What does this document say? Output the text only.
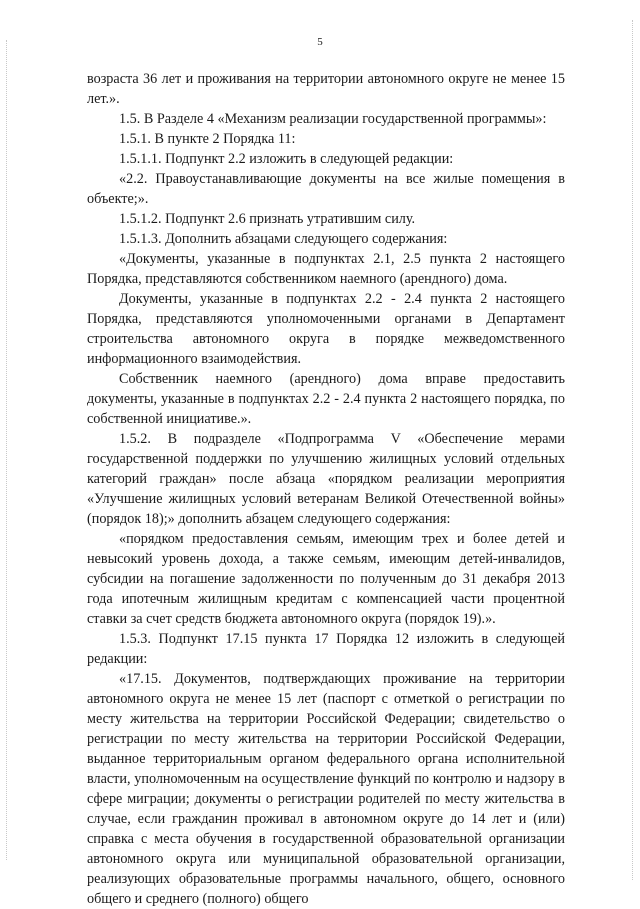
5

возраста 36 лет и проживания на территории автономного округе не менее 15 лет.».

1.5. В Разделе 4 «Механизм реализации государственной программы»:

1.5.1. В пункте 2 Порядка 11:

1.5.1.1. Подпункт 2.2 изложить в следующей редакции:

«2.2. Правоустанавливающие документы на все жилые помещения в объекте;».

1.5.1.2. Подпункт 2.6 признать утратившим силу.

1.5.1.3. Дополнить абзацами следующего содержания:

«Документы, указанные в подпунктах 2.1, 2.5 пункта 2 настоящего Порядка, представляются собственником наемного (арендного) дома.

Документы, указанные в подпунктах 2.2 - 2.4 пункта 2 настоящего Порядка, представляются уполномоченными органами в Департамент строительства автономного округа в порядке межведомственного информационного взаимодействия.

Собственник наемного (арендного) дома вправе предоставить документы, указанные в подпунктах 2.2 - 2.4 пункта 2 настоящего порядка, по собственной инициативе.».

1.5.2. В подразделе «Подпрограмма V «Обеспечение мерами государственной поддержки по улучшению жилищных условий отдельных категорий граждан» после абзаца «порядком реализации мероприятия «Улучшение жилищных условий ветеранам Великой Отечественной войны» (порядок 18);» дополнить абзацем следующего содержания:

«порядком предоставления семьям, имеющим трех и более детей и невысокий уровень дохода, а также семьям, имеющим детей-инвалидов, субсидии на погашение задолженности по полученным до 31 декабря 2013 года ипотечным жилищным кредитам с компенсацией части процентной ставки за счет средств бюджета автономного округа (порядок 19).».

1.5.3. Подпункт 17.15 пункта 17 Порядка 12 изложить в следующей редакции:

«17.15. Документов, подтверждающих проживание на территории автономного округа не менее 15 лет (паспорт с отметкой о регистрации по месту жительства на территории Российской Федерации; свидетельство о регистрации по месту жительства на территории Российской Федерации, выданное территориальным органом федерального органа исполнительной власти, уполномоченным на осуществление функций по контролю и надзору в сфере миграции; документы о регистрации родителей по месту жительства в случае, если гражданин проживал в автономном округе до 14 лет и (или) справка с места обучения в государственной образовательной организации автономного округа или муниципальной образовательной организации, реализующих образовательные программы начального, общего, основного общего и среднего (полного) общего
